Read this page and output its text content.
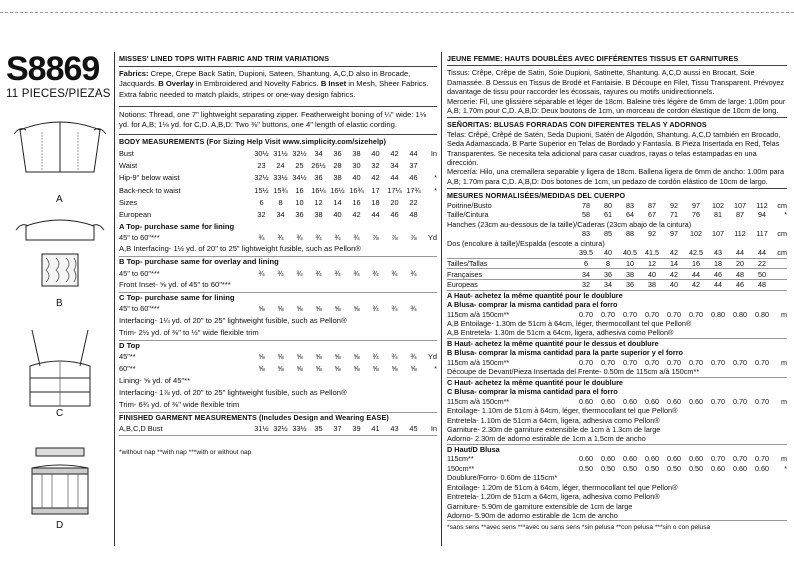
S8869
11 PIECES/PIEZAS
A
B
C
D
MISSES' LINED TOPS WITH FABRIC AND TRIM VARIATIONS
Fabrics: Crepe, Crepe Back Satin, Dupioni, Sateen, Shantung. A,C,D also in Brocade, Jacquards. B Overlay in Embroidered and Novelty Fabrics. B Inset in Mesh, Sheer Fabrics. Extra fabric needed to match plaids, stripes or one-way design fabrics.
Notions: Thread, one 7" lightweight separating zipper. Featherweight boning of ¼" wide: 1⅛ yd. for A,B; 1⅛ yd. for C,D. A,B,D: Two ⅜" buttons, one 4" length of elastic cording.
BODY MEASUREMENTS (For Sizing Help Visit www.simplicity.com/sizehelp)
Bust	30½	31½	32½	34	36	38	40	42	44	In
Waist	23	24	25	26½	28	30	32	34	37	
Hip-9" below waist	32½	33½	34½	36	38	40	42	44	46	*
Back-neck to waist	15½	15¾	16	16¼	16½	16¾	17	17¼	17¾	*
Sizes	6	8	10	12	14	16	18	20	22	
European	32	34	36	38	40	42	44	46	48	
A Top- purchase same for lining
45" to 60"***	¾	¾	¾	¾	¾	¾	⅞	⅞	⅞	Yd
A,B Interfacing- 1½ yd. of 20" to 25" lightweight fusible, such as Pellon®
B Top- purchase same for overlay and lining
45" to 60"***	¾	¾	¾	¾	¾	¾	¾	¾	¾	
Front Inset- ⅝ yd. of 45" to 60"***
C Top- purchase same for lining
45" to 60"***	⅝	⅝	⅝	⅝	⅝	⅝	¾	¾	¾	
Interfacing- 1¼ yd. of 20" to 25" lightweight fusible, such as Pellon®
Trim- 2½ yd. of ⅜" to ½" wide flexible trim
D Top
45"**	⅝	⅝	⅝	⅝	⅝	⅝	¾	¾	¾	Yd
60"**	⅝	⅝	⅝	⅝	⅝	⅝	⅝	⅝	⅝	*
Lining- ⅝ yd. of 45"**
Interfacing- 1⅞ yd. of 20" to 25" lightweight fusible, such as Pellon®
Trim- 6¾ yd. of ⅜" wide flexible trim
FINISHED GARMENT MEASUREMENTS (Includes Design and Wearing EASE)
A,B,C,D Bust	31½	32½	33½	35	37	39	41	43	45	In
*without nap **with nap ***with or without nap
JEUNE FEMME: HAUTS DOUBLÉES AVEC DIFFÉRENTES TISSUS ET GARNITURES
Tissus: Crêpe, Crêpe de Satin, Soie Dupioni, Satinette, Shantung. A,C,D aussi en Brocart, Soie Damassée. B Dessus en Tissus de Brodé et Fantaisie. B Découpe en Filet, Tissu Transparent. Prévoyez davantage de tissu pour raccorder les écossais, rayures ou motifs unidirectionnels.
Mercerie: Fil, une glissière séparable et léger de 18cm. Baleine très légère de 6mm de large: 1.00m pour A,B; 1.70m pour C,D. A,B,D: Deux boutons de 1cm, un morceau de cordon élastique de 10cm de long.
SEÑORITAS: BLUSAS FORRADAS CON DIFERENTES TELAS Y ADORNOS
Telas: Crêpé, Crêpé de Satén, Seda Dupioni, Satén de Algodón, Shantung. A,C,D también en Brocado, Seda Adamascada. B Parte Superior en Telas de Bordado y Fantasía. B Pieza Insertada en Red, Telas Transparentes. Se necesita tela adicional para casar cuadros, rayas o telas estampadas en una dirección.
Mercería: Hilo, una cremallera separable y ligera de 18cm. Ballena ligera de 6mm de ancho: 1.00m para A,B; 1.70m para C,D. A,B,D: Dos botones de 1cm, un pedazo de cordón elástico de 10cm de largo.
MESURES NORMALISÉES/MEDIDAS DEL CUERPO
Poitrine/Busto	78	80	83	87	92	97	102	107	112	cm
Taille/Cintura	58	61	64	67	71	76	81	87	94	*
Hanches (23cm au-dessous de la taille)/Caderas (23cm abajo de la cintura)
	83	85	88	92	97	102	107	112	117	cm
Dos (encolure à taille)/Espalda (escote a cintura)
	39.5	40	40.5	41.5	42	42.5	43	44	44	cm
Tailles/Tallas	6	8	10	12	14	16	18	20	22	
Françaises	34	36	38	40	42	44	46	48	50	
Europeas	32	34	36	38	40	42	44	46	48	
A Haut- achetez la même quantité pour le doublure
A Blusa- comprar la misma cantidad para el forro
115cm a/à 150cm**	0.70	0.70	0.70	0.70	0.70	0.70	0.80	0.80	0.80	m
A,B Entoilage- 1.30m de 51cm à 64cm, léger, thermocollant tel que Pellon®
A,B Entretela- 1.30m de 51cm a 64cm, ligera, adhesiva como Pellon®
B Haut- achetez la même quantité pour le dessus et doublure
B Blusa- comprar la misma cantidad para la parte superior y el forro
115cm a/à 150cm**	0.70	0.70	0.70	0.70	0.70	0.70	0.70	0.70	0.70	m
Découpe de Devant/Pieza Insertada del Frente- 0.50m de 115cm a/à 150cm**
C Haut- achetez la même quantité pour le doublure
C Blusa- comprar la misma cantidad para el forro
115cm a/à 150cm**	0.60	0.60	0.60	0.60	0.60	0.60	0.70	0.70	0.70	m
Entoilage- 1.10m de 51cm à 64cm, léger, thermocollant tel que Pellon®
Entretela- 1.10m de 51cm a 64cm, ligera, adhesiva como Pellon®
Garniture- 2.30m de garniture extensible de 1cm à 1.3cm de large
Adorno- 2.30m de adorno estirable de 1cm a 1.5cm de ancho
D Haut/D Blusa
115cm**	0.60	0.60	0.60	0.60	0.60	0.60	0.70	0.70	0.70	m
150cm**	0.50	0.50	0.50	0.50	0.50	0.50	0.60	0.60	0.60	*
Doublure/Forro- 0.60m de 115cm*
Entoilage- 1.20m de 51cm à 64cm, léger, thermocollant tel que Pellon®
Entretela- 1.20m de 51cm a 64cm, ligera, adhesiva como Pellon®
Garniture- 5.90m de garniture extensible de 1cm de large
Adorno- 5.90m de adorno estirable de 1cm de ancho
*sans sens **avec sens ***avec ou sans sens *sin pelusa **con pelusa ***sin o con pelusa
